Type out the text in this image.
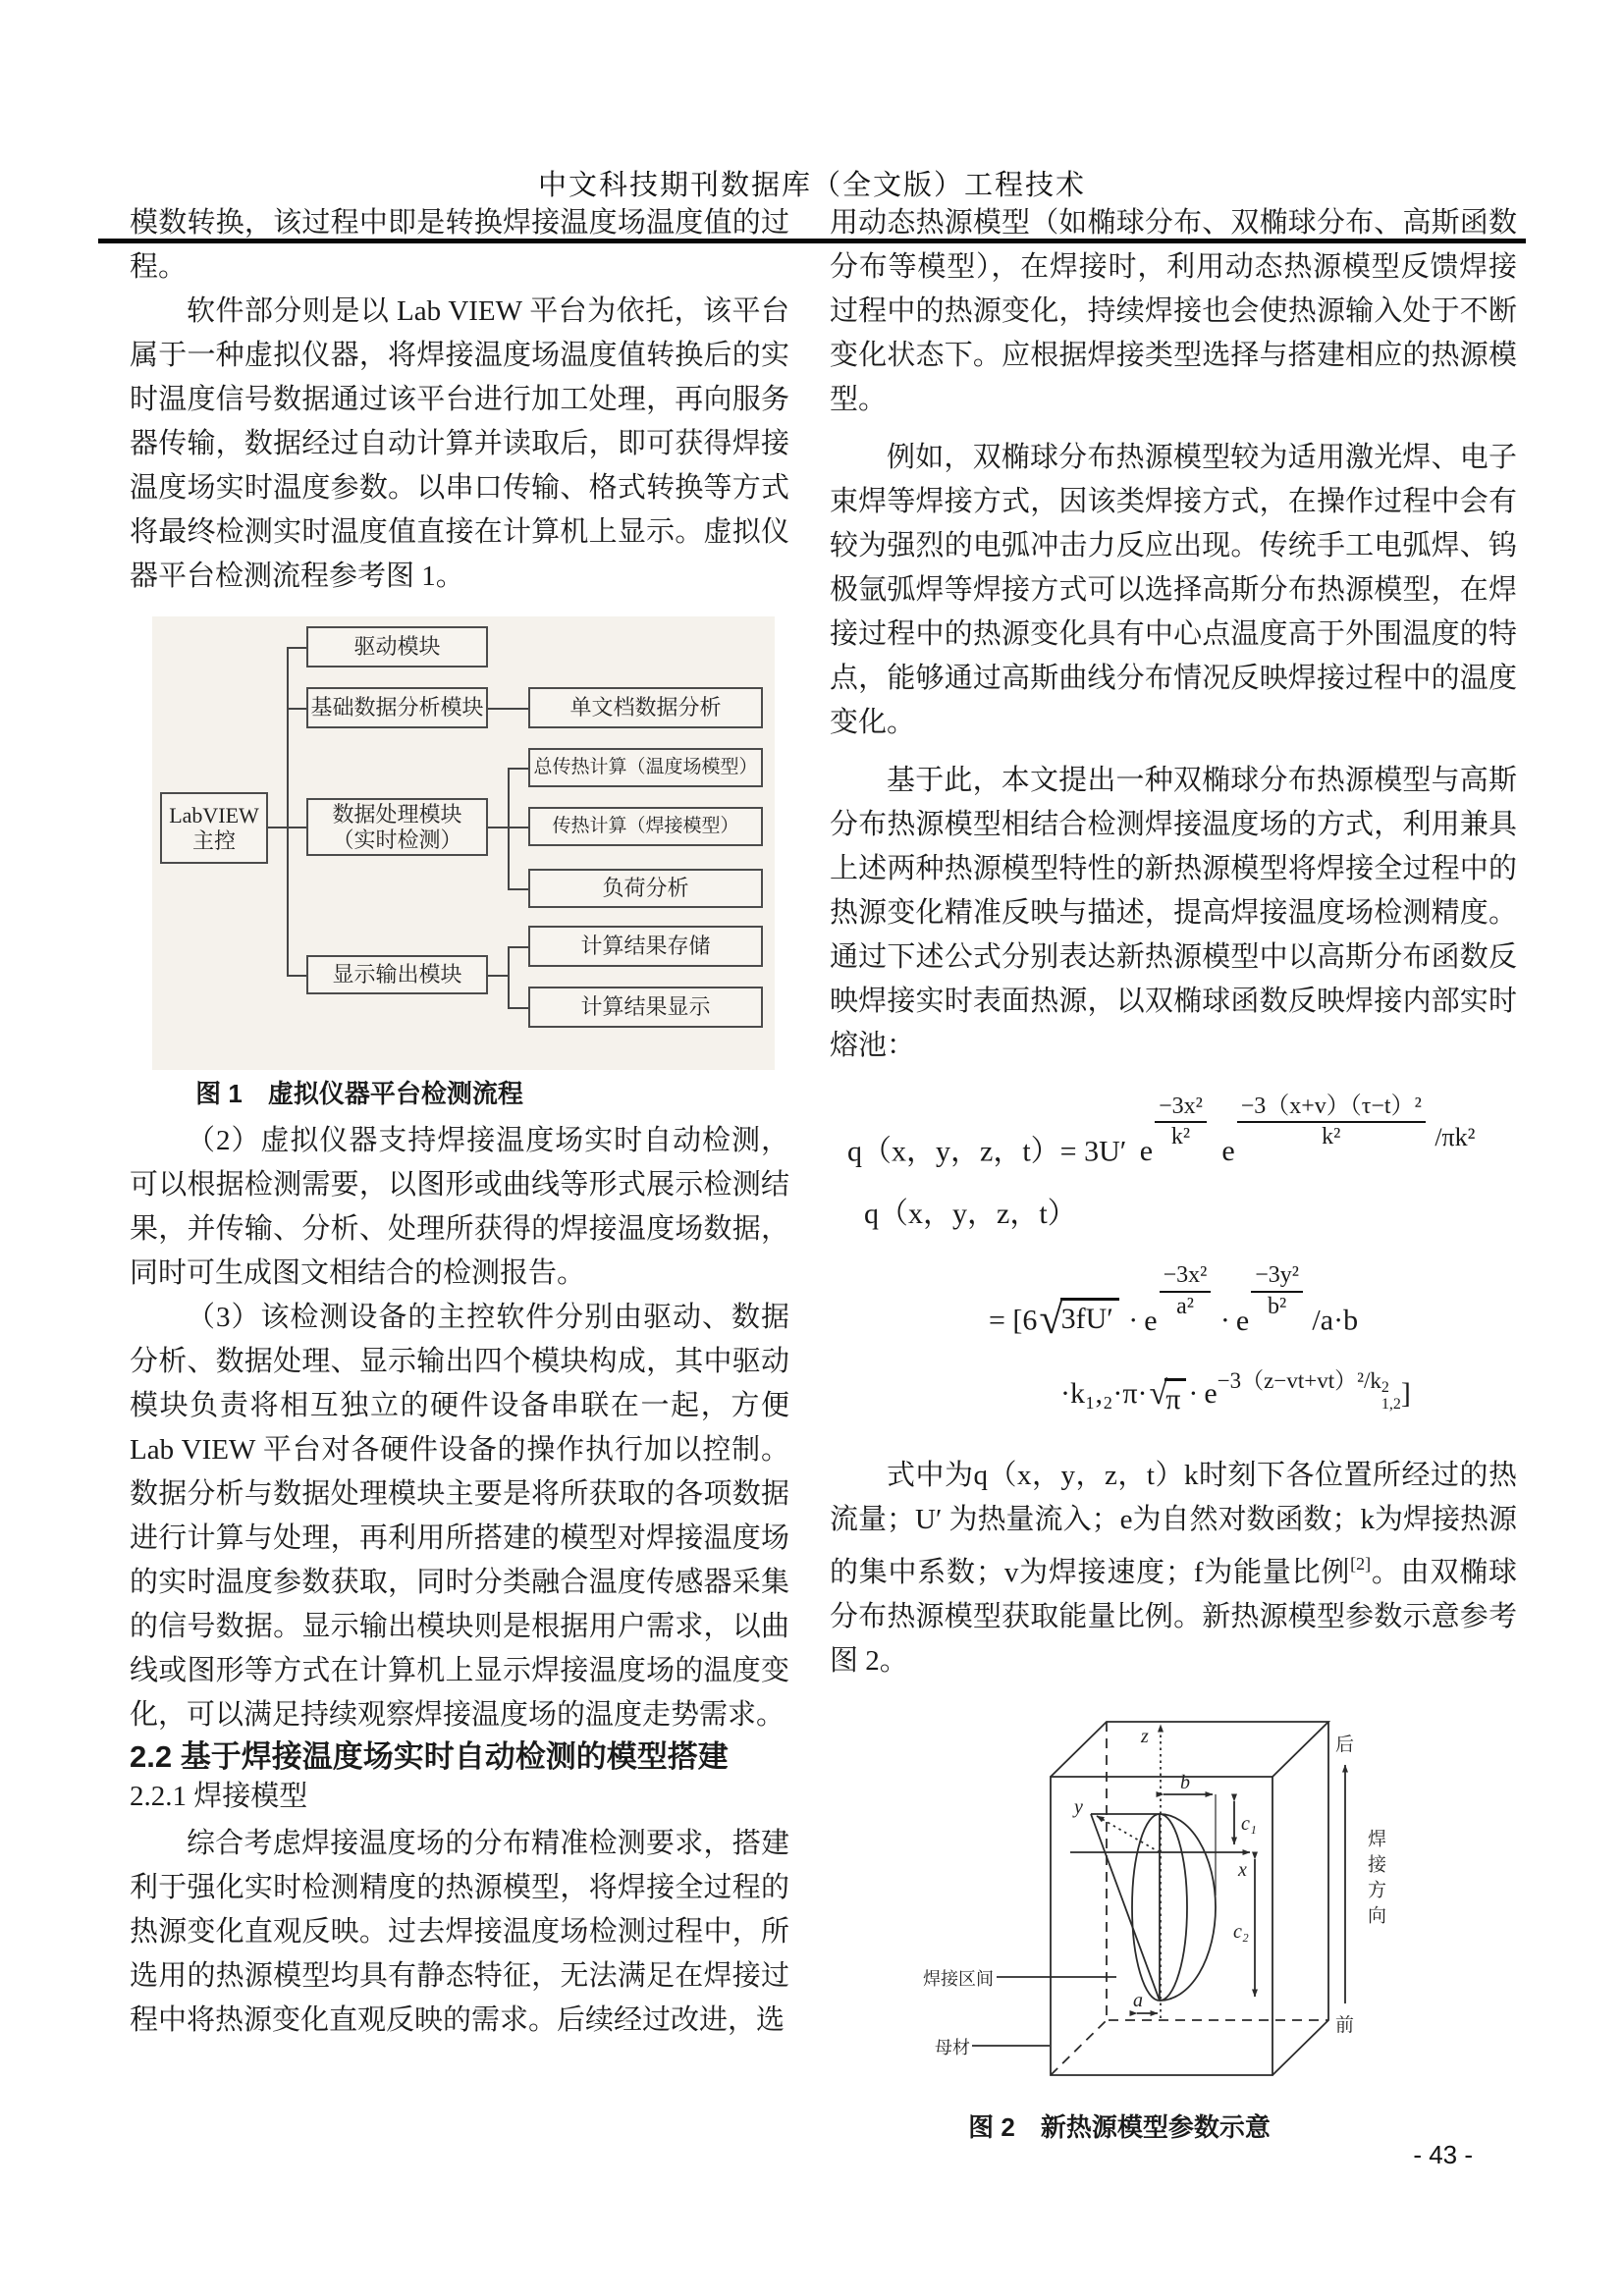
中文科技期刊数据库（全文版）工程技术

模数转换，该过程中即是转换焊接温度场温度值的过程。

软件部分则是以 Lab VIEW 平台为依托，该平台属于一种虚拟仪器，将焊接温度场温度值转换后的实时温度信号数据通过该平台进行加工处理，再向服务器传输，数据经过自动计算并读取后，即可获得焊接温度场实时温度参数。以串口传输、格式转换等方式将最终检测实时温度值直接在计算机上显示。虚拟仪器平台检测流程参考图 1。

LabVIEW
主控
驱动模块
基础数据分析模块
数据处理模块
（实时检测）
显示输出模块
单文档数据分析
总传热计算（温度场模型）
传热计算（焊接模型）
负荷分析
计算结果存储
计算结果显示
图 1　虚拟仪器平台检测流程

（2）虚拟仪器支持焊接温度场实时自动检测，可以根据检测需要，以图形或曲线等形式展示检测结果，并传输、分析、处理所获得的焊接温度场数据，同时可生成图文相结合的检测报告。

（3）该检测设备的主控软件分别由驱动、数据分析、数据处理、显示输出四个模块构成，其中驱动模块负责将相互独立的硬件设备串联在一起，方便 Lab VIEW 平台对各硬件设备的操作执行加以控制。数据分析与数据处理模块主要是将所获取的各项数据进行计算与处理，再利用所搭建的模型对焊接温度场的实时温度参数获取，同时分类融合温度传感器采集的信号数据。显示输出模块则是根据用户需求，以曲线或图形等方式在计算机上显示焊接温度场的温度变化，可以满足持续观察焊接温度场的温度走势需求。

2.2 基于焊接温度场实时自动检测的模型搭建

2.2.1 焊接模型

综合考虑焊接温度场的分布精准检测要求，搭建利于强化实时检测精度的热源模型，将焊接全过程的热源变化直观反映。过去焊接温度场检测过程中，所选用的热源模型均具有静态特征，无法满足在焊接过程中将热源变化直观反映的需求。后续经过改进，选

用动态热源模型（如椭球分布、双椭球分布、高斯函数分布等模型），在焊接时，利用动态热源模型反馈焊接过程中的热源变化，持续焊接也会使热源输入处于不断变化状态下。应根据焊接类型选择与搭建相应的热源模型。

例如，双椭球分布热源模型较为适用激光焊、电子束焊等焊接方式，因该类焊接方式，在操作过程中会有较为强烈的电弧冲击力反应出现。传统手工电弧焊、钨极氩弧焊等焊接方式可以选择高斯分布热源模型，在焊接过程中的热源变化具有中心点温度高于外围温度的特点，能够通过高斯曲线分布情况反映焊接过程中的温度变化。

基于此，本文提出一种双椭球分布热源模型与高斯分布热源模型相结合检测焊接温度场的方式，利用兼具上述两种热源模型特性的新热源模型将焊接全过程中的热源变化精准反映与描述，提高焊接温度场检测精度。通过下述公式分别表达新热源模型中以高斯分布函数反映焊接实时表面热源，以双椭球函数反映焊接内部实时熔池：

q（x，y，z，t）= 3U′ e
$\frac{\text{−3x²}}{\text{k²}}$
e
$\frac{\text{−3（x+v）（τ−t）²}}{\text{k²}} /\pi k^2$
q（x，y，z，t）
= [6 √
3fU′ · e
$\frac{\text{−3x²}}{\text{a²}}$
· e
$\frac{\text{−3y²}}{\text{b²}}$
/a·b
·k₁,₂·π· √
π · e−3（z−vt+vt）²/k 2
1,2 ]

式中为q（x，y，z，t）k时刻下各位置所经过的热流量；U′ 为热量流入；e为自然对数函数；k为焊接热源的集中系数；v为焊接速度；f为能量比例[2]。由双椭球分布热源模型获取能量比例。新热源模型参数示意参考图 2。

z
y
x
b
c₁
c₂
a
焊接区间
母材
后
前
焊接方向
图 2　新热源模型参数示意
- 43 -
